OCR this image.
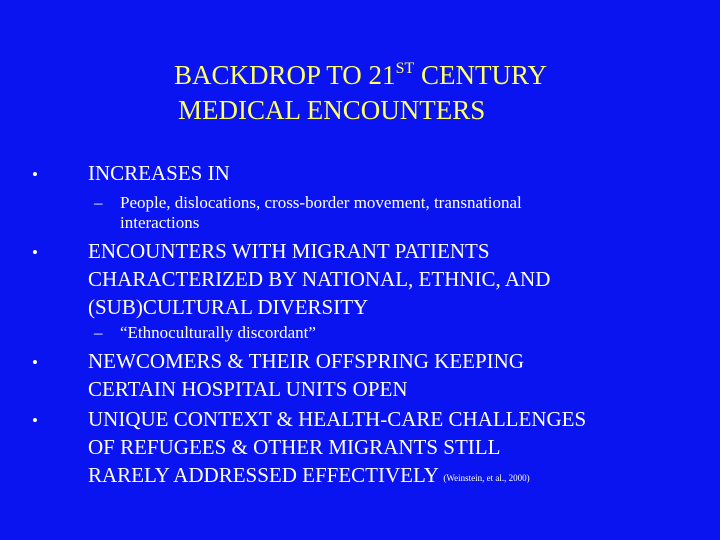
BACKDROP TO 21ST CENTURY
MEDICAL ENCOUNTERS
• INCREASES IN
– People, dislocations, cross-border movement, transnational
interactions
• ENCOUNTERS WITH MIGRANT PATIENTS
CHARACTERIZED BY NATIONAL, ETHNIC, AND
(SUB)CULTURAL DIVERSITY
– “Ethnoculturally discordant”
• NEWCOMERS & THEIR OFFSPRING KEEPING
CERTAIN HOSPITAL UNITS OPEN
• UNIQUE CONTEXT & HEALTH-CARE CHALLENGES
OF REFUGEES & OTHER MIGRANTS STILL
RARELY ADDRESSED EFFECTIVELY (Weinstein, et al., 2000)
